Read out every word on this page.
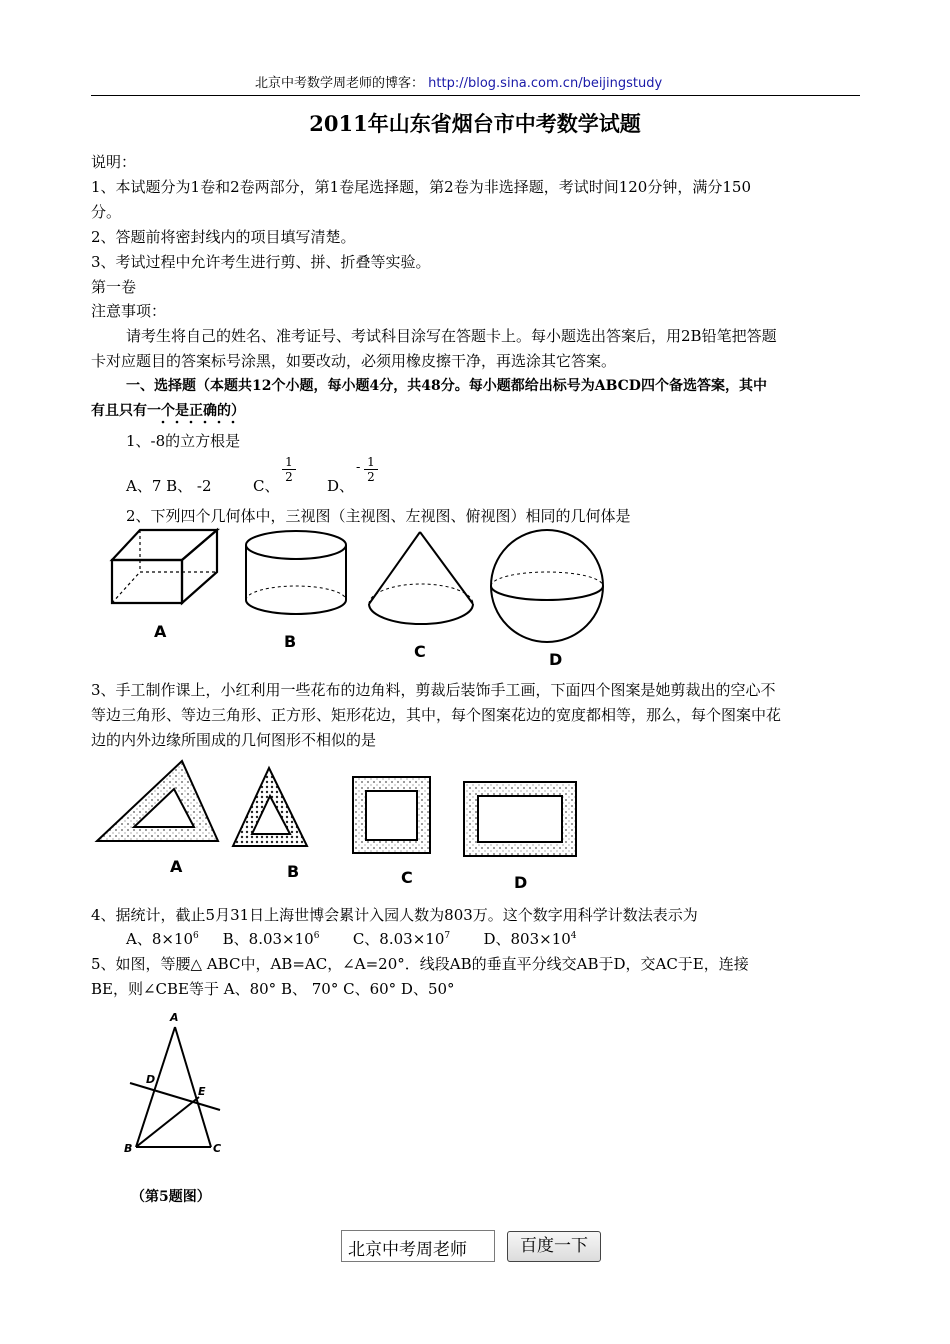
北京中考数学周老师的博客： http://blog.sina.com.cn/beijingstudy
2011年山东省烟台市中考数学试题
说明：
1、本试题分为1卷和2卷两部分，第1卷尾选择题，第2卷为非选择题，考试时间120分钟，满分150
分。
2、答题前将密封线内的项目填写清楚。
3、考试过程中允许考生进行剪、拼、折叠等实验。
第一卷
注意事项：
请考生将自己的姓名、准考证号、考试科目涂写在答题卡上。每小题选出答案后，用2B铅笔把答题
卡对应题目的答案标号涂黑，如要改动，必须用橡皮擦干净，再选涂其它答案。
一、选择题（本题共12个小题，每小题4分，共48分。每小题都给出标号为ABCD四个备选答案，其中
有且只有一个是正确的）
1、-8的立方根是
A、7 B、 -2	C、
1
2 D、
- 1
2
2、下列四个几何体中，三视图（主视图、左视图、俯视图）相同的几何体是
A
B
C	D
3、手工制作课上，小红利用一些花布的边角料，剪裁后装饰手工画，下面四个图案是她剪裁出的空心不
等边三角形、等边三角形、正方形、矩形花边，其中，每个图案花边的宽度都相等，那么，每个图案中花
边的内外边缘所围成的几何图形不相似的是
A	B	C	D
4、据统计，截止5月31日上海世博会累计入园人数为803万。这个数字用科学计数法表示为
A、$8\times 10^6$ B、$8.03\times 10^6$ C、$8.03\times 10^7$ D、$803\times 10^4$
5、如图，等腰△ ABC中，AB=AC，∠A=20°．线段AB的垂直平分线交AB于D，交AC于E，连接
BE，则∠CBE等于 A、80° B、 70° C、60° D、50°
A
D
E
B	C
（第5题图）
北京中考周老师	百度一下
